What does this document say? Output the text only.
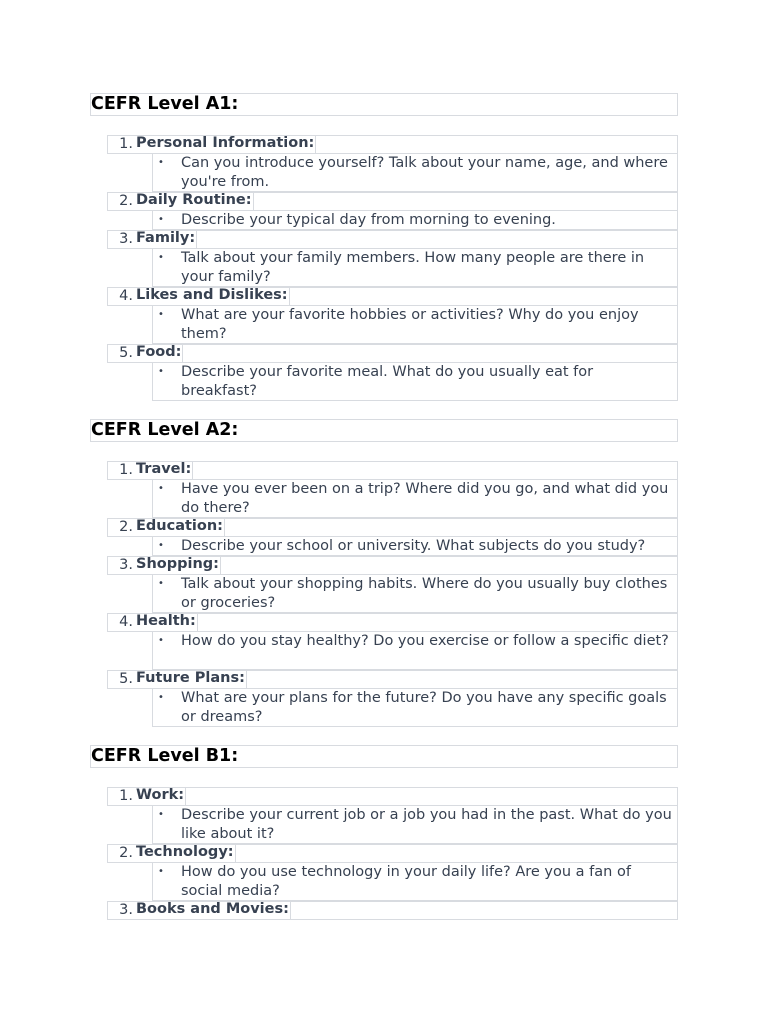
CEFR Level A1:
1. Personal Information:
• Can you introduce yourself? Talk about your name, age, and where you're from.
2. Daily Routine:
• Describe your typical day from morning to evening.
3. Family:
• Talk about your family members. How many people are there in your family?
4. Likes and Dislikes:
• What are your favorite hobbies or activities? Why do you enjoy them?
5. Food:
• Describe your favorite meal. What do you usually eat for breakfast?
CEFR Level A2:
1. Travel:
• Have you ever been on a trip? Where did you go, and what did you do there?
2. Education:
• Describe your school or university. What subjects do you study?
3. Shopping:
• Talk about your shopping habits. Where do you usually buy clothes or groceries?
4. Health:
• How do you stay healthy? Do you exercise or follow a specific diet?
5. Future Plans:
• What are your plans for the future? Do you have any specific goals or dreams?
CEFR Level B1:
1. Work:
• Describe your current job or a job you had in the past. What do you like about it?
2. Technology:
• How do you use technology in your daily life? Are you a fan of social media?
3. Books and Movies:
